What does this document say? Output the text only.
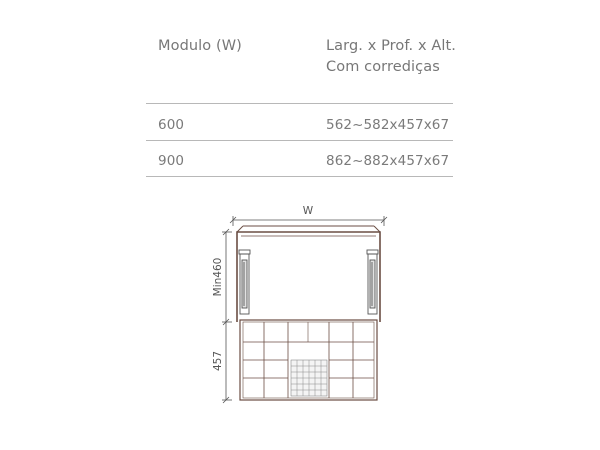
Modulo (W)	Larg. x Prof. x Alt.
Com corrediças
600	562~582x457x67
900	862~882x457x67
W
Min460
457
